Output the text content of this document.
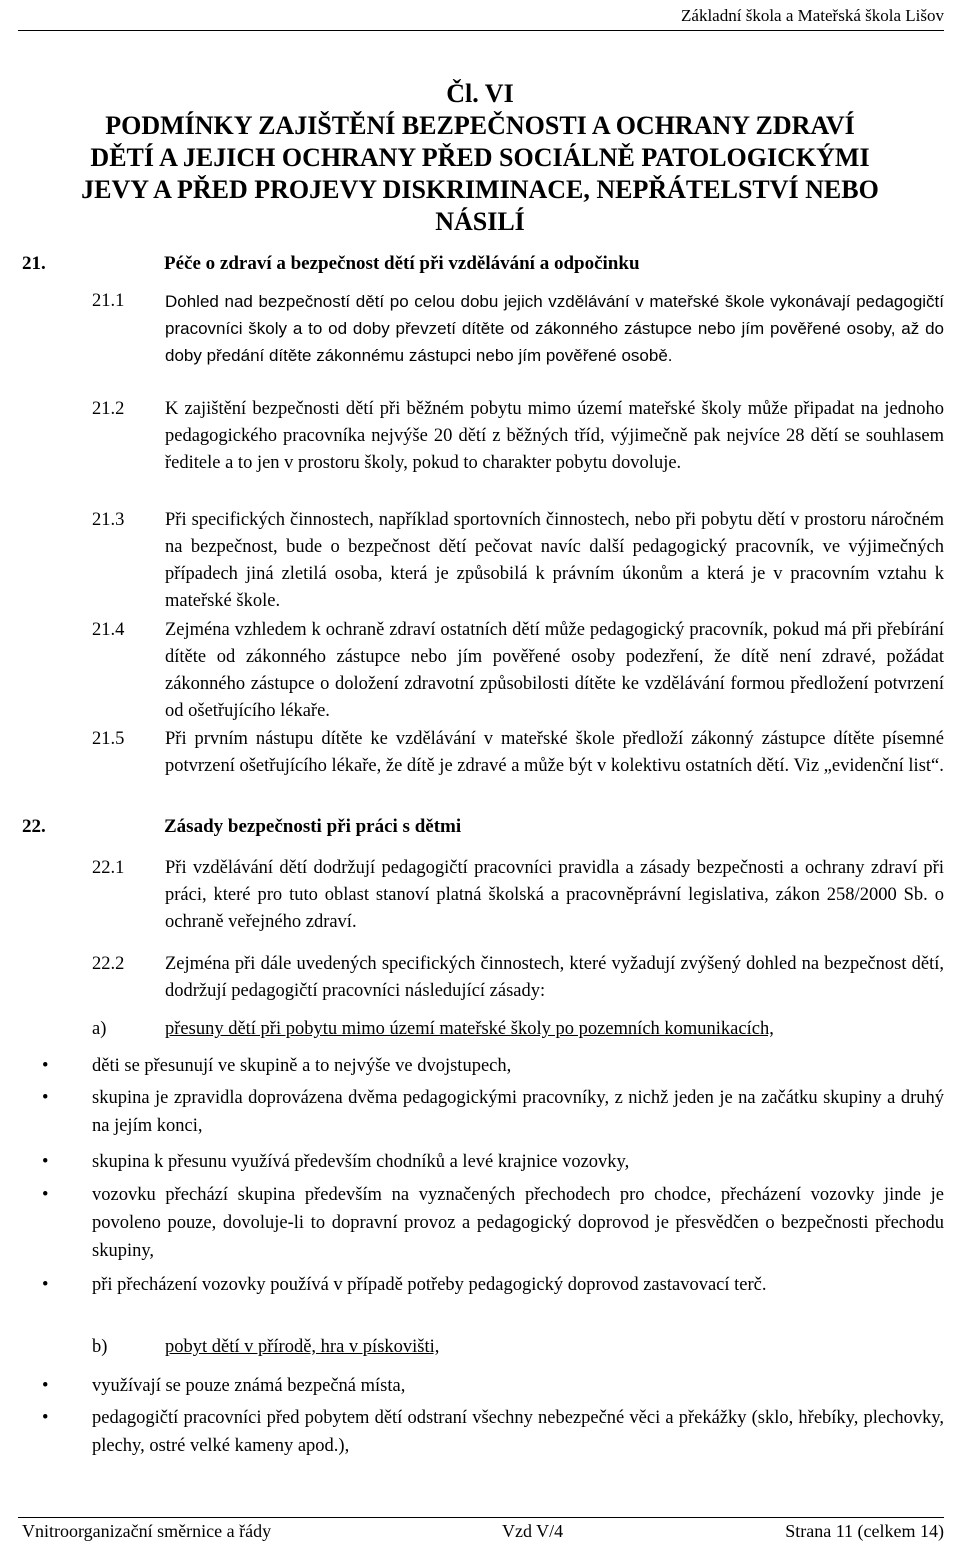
Základní škola a Mateřská škola Lišov
Čl. VI
PODMÍNKY ZAJIŠTĚNÍ BEZPEČNOSTI A OCHRANY ZDRAVÍ
DĚTÍ A JEJICH OCHRANY PŘED SOCIÁLNĚ PATOLOGICKÝMI
JEVY A PŘED PROJEVY DISKRIMINACE, NEPŘÁTELSTVÍ NEBO
NÁSILÍ
21.	Péče o zdraví a bezpečnost dětí při vzdělávání a odpočinku
21.1 Dohled nad bezpečností dětí po celou dobu jejich vzdělávání v mateřské škole vykonávají pedagogičtí pracovníci školy a to od doby převzetí dítěte od zákonného zástupce nebo jím pověřené osoby, až do doby předání dítěte zákonnému zástupci nebo jím pověřené osobě.
21.2 K zajištění bezpečnosti dětí při běžném pobytu mimo území mateřské školy může připadat na jednoho pedagogického pracovníka nejvýše 20 dětí z běžných tříd, výjimečně pak nejvíce 28 dětí se souhlasem ředitele a to jen v prostoru školy, pokud to charakter pobytu dovoluje.
21.3 Při specifických činnostech, například sportovních činnostech, nebo při pobytu dětí v prostoru náročném na bezpečnost, bude o bezpečnost dětí pečovat navíc další pedagogický pracovník, ve výjimečných případech jiná zletilá osoba, která je způsobilá k právním úkonům a která je v pracovním vztahu k mateřské škole.
21.4 Zejména vzhledem k ochraně zdraví ostatních dětí může pedagogický pracovník, pokud má při přebírání dítěte od zákonného zástupce nebo jím pověřené osoby podezření, že dítě není zdravé, požádat zákonného zástupce o doložení zdravotní způsobilosti dítěte ke vzdělávání formou předložení potvrzení od ošetřujícího lékaře.
21.5 Při prvním nástupu dítěte ke vzdělávání v mateřské škole předloží zákonný zástupce dítěte písemné potvrzení ošetřujícího lékaře, že dítě je zdravé a může být v kolektivu ostatních dětí. Viz „evidenční list“.
22.	Zásady bezpečnosti při práci s dětmi
22.1 Při vzdělávání dětí dodržují pedagogičtí pracovníci pravidla a zásady bezpečnosti a ochrany zdraví při práci, které pro tuto oblast stanoví platná školská a pracovněprávní legislativa, zákon 258/2000 Sb. o ochraně veřejného zdraví.
22.2 Zejména při dále uvedených specifických činnostech, které vyžadují zvýšený dohled na bezpečnost dětí, dodržují pedagogičtí pracovníci následující zásady:
a)	přesuny dětí při pobytu mimo území mateřské školy po pozemních komunikacích,
• děti se přesunují ve skupině a to nejvýše ve dvojstupech,
• skupina je zpravidla doprovázena dvěma pedagogickými pracovníky, z nichž jeden je na začátku skupiny a druhý na jejím konci,
• skupina k přesunu využívá především chodníků a levé krajnice vozovky,
• vozovku přechází skupina především na vyznačených přechodech pro chodce, přecházení vozovky jinde je povoleno pouze, dovoluje-li to dopravní provoz a pedagogický doprovod je přesvědčen o bezpečnosti přechodu skupiny,
• při přecházení vozovky používá v případě potřeby pedagogický doprovod zastavovací terč.
b)	pobyt dětí v přírodě, hra v pískovišti,
• využívají se pouze známá bezpečná místa,
• pedagogičtí pracovníci před pobytem dětí odstraní všechny nebezpečné věci a překážky (sklo, hřebíky, plechovky, plechy, ostré velké kameny apod.),
Vnitroorganizační směrnice a řády	Vzd V/4	Strana 11 (celkem 14)
